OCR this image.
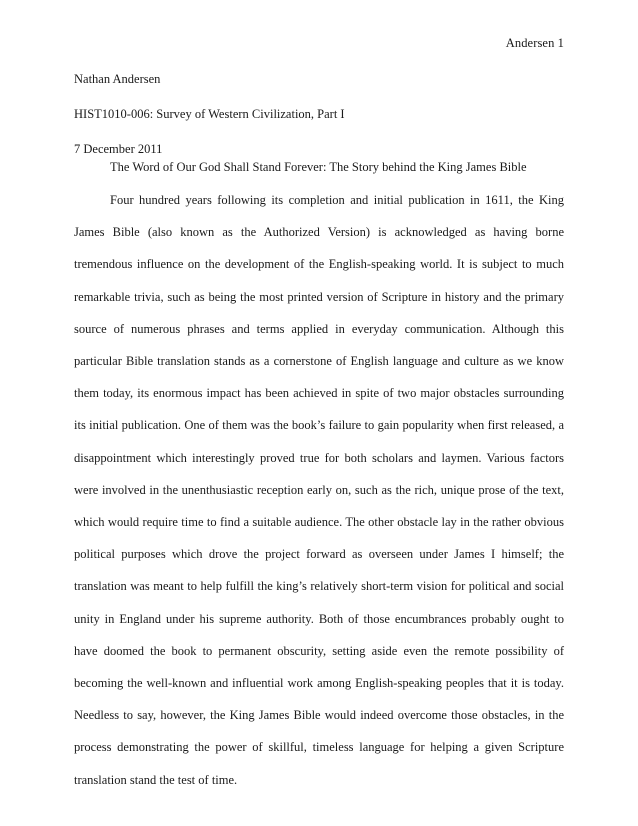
Andersen 1
Nathan Andersen
HIST1010-006: Survey of Western Civilization, Part I
7 December 2011
The Word of Our God Shall Stand Forever: The Story behind the King James Bible

Four hundred years following its completion and initial publication in 1611, the King James Bible (also known as the Authorized Version) is acknowledged as having borne tremendous influence on the development of the English-speaking world. It is subject to much remarkable trivia, such as being the most printed version of Scripture in history and the primary source of numerous phrases and terms applied in everyday communication. Although this particular Bible translation stands as a cornerstone of English language and culture as we know them today, its enormous impact has been achieved in spite of two major obstacles surrounding its initial publication. One of them was the book’s failure to gain popularity when first released, a disappointment which interestingly proved true for both scholars and laymen. Various factors were involved in the unenthusiastic reception early on, such as the rich, unique prose of the text, which would require time to find a suitable audience. The other obstacle lay in the rather obvious political purposes which drove the project forward as overseen under James I himself; the translation was meant to help fulfill the king’s relatively short-term vision for political and social unity in England under his supreme authority. Both of those encumbrances probably ought to have doomed the book to permanent obscurity, setting aside even the remote possibility of becoming the well-known and influential work among English-speaking peoples that it is today. Needless to say, however, the King James Bible would indeed overcome those obstacles, in the process demonstrating the power of skillful, timeless language for helping a given Scripture translation stand the test of time.
